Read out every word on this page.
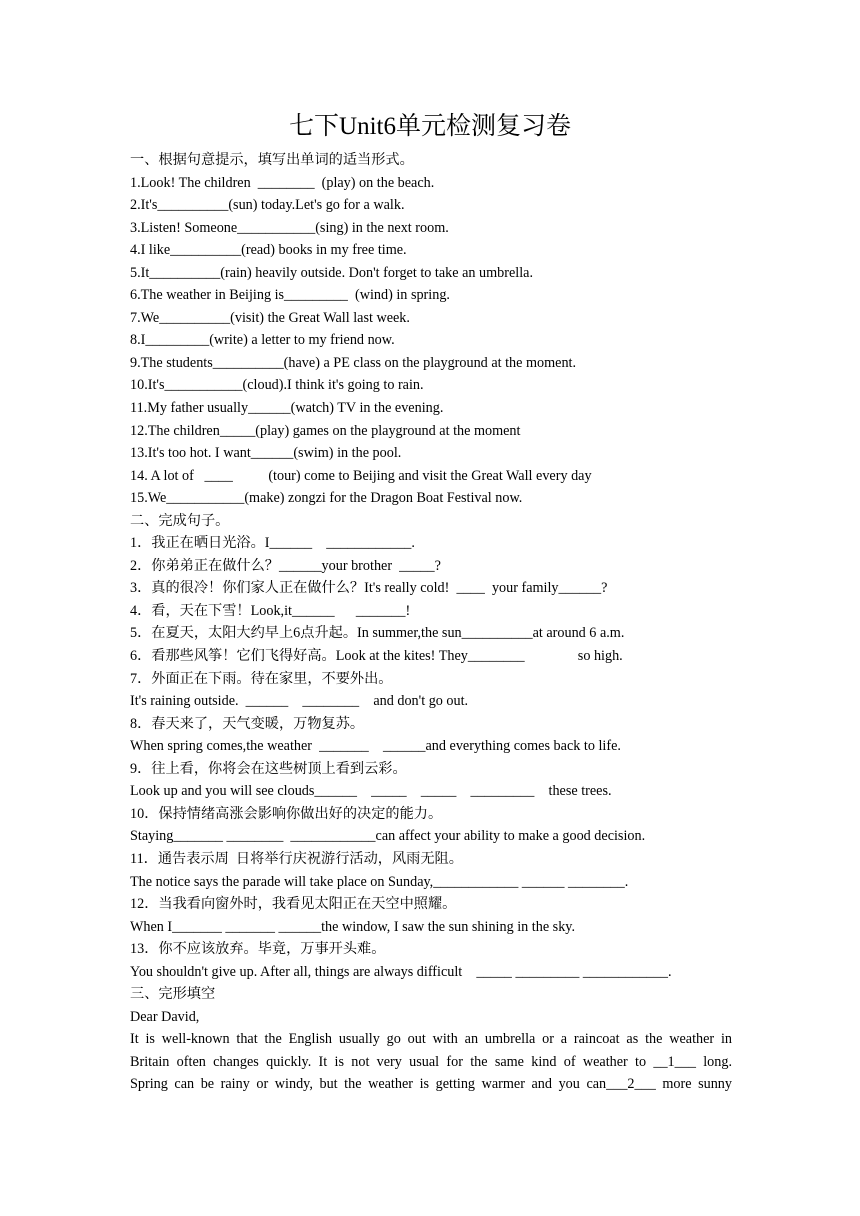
七下Unit6单元检测复习卷
一、根据句意提示，填写出单词的适当形式。
1.Look! The children  ________  (play) on the beach.
2.It's__________(sun) today.Let's go for a walk.
3.Listen! Someone___________(sing) in the next room.
4.I like__________(read) books in my free time.
5.It__________(rain) heavily outside. Don't forget to take an umbrella.
6.The weather in Beijing is_________  (wind) in spring.
7.We__________(visit) the Great Wall last week.
8.I_________(write) a letter to my friend now.
9.The students__________(have) a PE class on the playground at the moment.
10.It's___________(cloud).I think it's going to rain.
11.My father usually______(watch) TV in the evening.
12.The children_____(play) games on the playground at the moment
13.It's too hot. I want______(swim) in the pool.
14. A lot of   ____          (tour) come to Beijing and visit the Great Wall every day
15.We___________(make) zongzi for the Dragon Boat Festival now.
二、完成句子。
1．我正在晒日光浴。I______    ____________.
2．你弟弟正在做什么？______your brother  _____?
3．真的很冷！你们家人正在做什么？It's really cold!  ____  your family______?
4．看，天在下雪！Look,it______      _______!
5．在夏天，太阳大约早上6点升起。In summer,the sun__________at around 6 a.m.
6．看那些风筝！它们飞得好高。Look at the kites! They________               so high.
7．外面正在下雨。待在家里，不要外出。
It's raining outside.  ______    ________    and don't go out.
8．春天来了，天气变暖，万物复苏。
When spring comes,the weather  _______    ______and everything comes back to life.
9．往上看，你将会在这些树顶上看到云彩。
Look up and you will see clouds______    _____    _____    _________    these trees.
10．保持情绪高涨会影响你做出好的决定的能力。
Staying_______ ________  ____________can affect your ability to make a good decision.
11．通告表示周  日将举行庆祝游行活动，风雨无阻。
The notice says the parade will take place on Sunday,____________ ______ ________.
12．当我看向窗外时，我看见太阳正在天空中照耀。
When I_______ _______ ______the window, I saw the sun shining in the sky.
13．你不应该放弃。毕竟，万事开头难。
You shouldn't give up. After all, things are always difficult    _____ _________ ____________.
三、完形填空
Dear David,
It is well-known that the English usually go out with an umbrella or a raincoat as the weather in
Britain often changes quickly. It is not very usual for the same kind of weather to __1___ long.
Spring can be rainy or windy, but the weather is getting warmer and you can___2___ more sunny
